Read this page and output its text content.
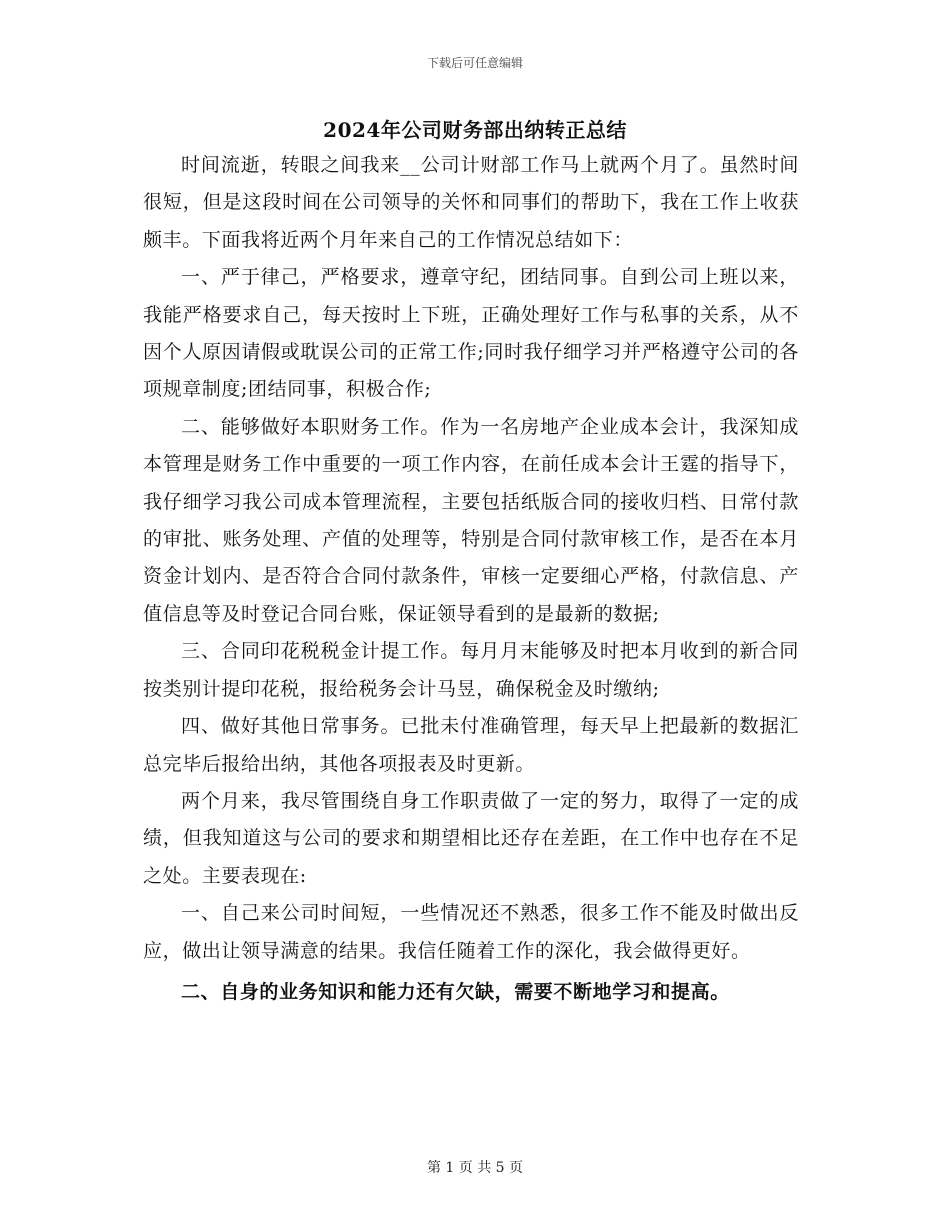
下载后可任意编辑
2024年公司财务部出纳转正总结

时间流逝，转眼之间我来__公司计财部工作马上就两个月了。虽然时间很短，但是这段时间在公司领导的关怀和同事们的帮助下，我在工作上收获颇丰。下面我将近两个月年来自己的工作情况总结如下：

一、严于律己，严格要求，遵章守纪，团结同事。自到公司上班以来，我能严格要求自己，每天按时上下班，正确处理好工作与私事的关系，从不因个人原因请假或耽误公司的正常工作;同时我仔细学习并严格遵守公司的各项规章制度;团结同事，积极合作;

二、能够做好本职财务工作。作为一名房地产企业成本会计，我深知成本管理是财务工作中重要的一项工作内容，在前任成本会计王霆的指导下，我仔细学习我公司成本管理流程，主要包括纸版合同的接收归档、日常付款的审批、账务处理、产值的处理等，特别是合同付款审核工作，是否在本月资金计划内、是否符合合同付款条件，审核一定要细心严格，付款信息、产值信息等及时登记合同台账，保证领导看到的是最新的数据;

三、合同印花税税金计提工作。每月月末能够及时把本月收到的新合同按类别计提印花税，报给税务会计马昱，确保税金及时缴纳;

四、做好其他日常事务。已批未付准确管理，每天早上把最新的数据汇总完毕后报给出纳，其他各项报表及时更新。

两个月来，我尽管围绕自身工作职责做了一定的努力，取得了一定的成绩，但我知道这与公司的要求和期望相比还存在差距，在工作中也存在不足之处。主要表现在:

一、自己来公司时间短，一些情况还不熟悉，很多工作不能及时做出反应，做出让领导满意的结果。我信任随着工作的深化，我会做得更好。

二、自身的业务知识和能力还有欠缺，需要不断地学习和提高。

第 1 页 共 5 页
